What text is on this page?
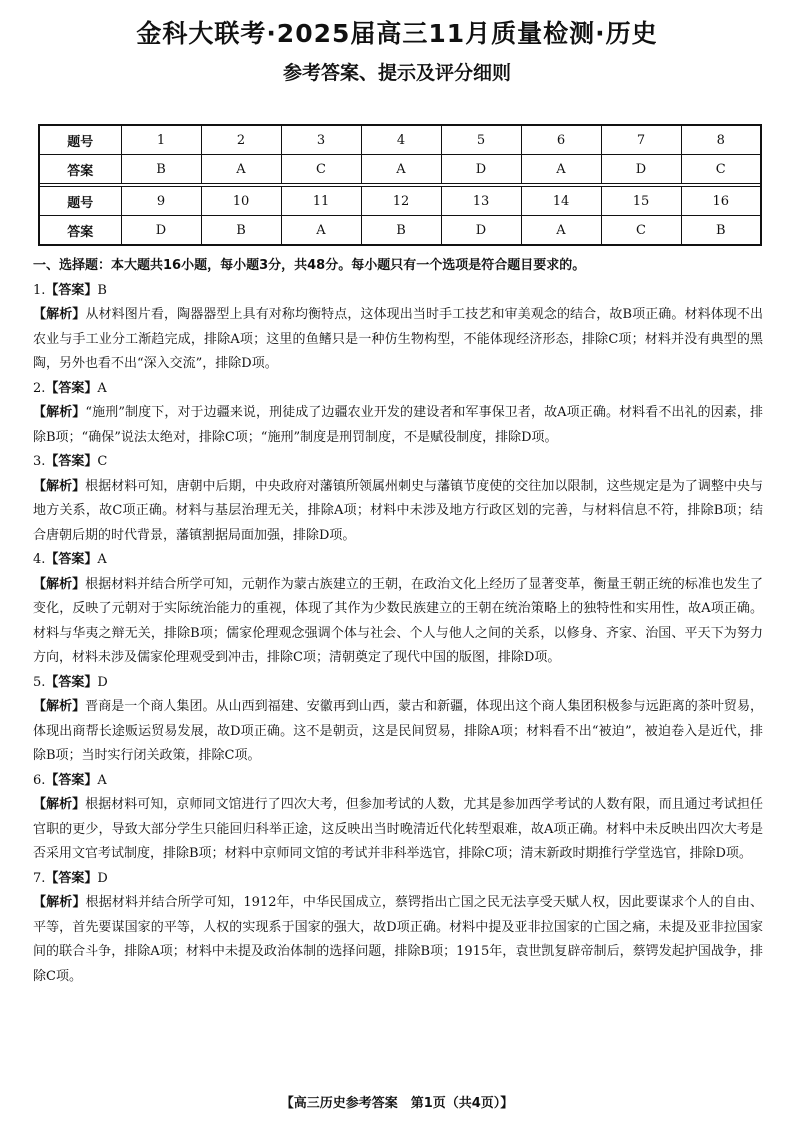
金科大联考·2025届高三11月质量检测·历史
参考答案、提示及评分细则
题号	1	2	3	4	5	6	7	8
答案	B	A	C	A	D	A	D	C

题号	9	10	11	12	13	14	15	16
答案	D	B	A	B	D	A	C	B
一、选择题：本大题共16小题，每小题3分，共48分。每小题只有一个选项是符合题目要求的。
1.【答案】B
【解析】从材料图片看，陶器器型上具有对称均衡特点，这体现出当时手工技艺和审美观念的结合，故B项正确。材料体现不出农业与手工业分工渐趋完成，排除A项；这里的鱼鳍只是一种仿生物构型，不能体现经济形态，排除C项；材料并没有典型的黑陶，另外也看不出“深入交流”，排除D项。
2.【答案】A
【解析】“施刑”制度下，对于边疆来说，刑徒成了边疆农业开发的建设者和军事保卫者，故A项正确。材料看不出礼的因素，排除B项；“确保”说法太绝对，排除C项；“施刑”制度是刑罚制度，不是赋役制度，排除D项。
3.【答案】C
【解析】根据材料可知，唐朝中后期，中央政府对藩镇所领属州刺史与藩镇节度使的交往加以限制，这些规定是为了调整中央与地方关系，故C项正确。材料与基层治理无关，排除A项；材料中未涉及地方行政区划的完善，与材料信息不符，排除B项；结合唐朝后期的时代背景，藩镇割据局面加强，排除D项。
4.【答案】A
【解析】根据材料并结合所学可知，元朝作为蒙古族建立的王朝，在政治文化上经历了显著变革，衡量王朝正统的标准也发生了变化，反映了元朝对于实际统治能力的重视，体现了其作为少数民族建立的王朝在统治策略上的独特性和实用性，故A项正确。材料与华夷之辩无关，排除B项；儒家伦理观念强调个体与社会、个人与他人之间的关系，以修身、齐家、治国、平天下为努力方向，材料未涉及儒家伦理观受到冲击，排除C项；清朝奠定了现代中国的版图，排除D项。
5.【答案】D
【解析】晋商是一个商人集团。从山西到福建、安徽再到山西，蒙古和新疆，体现出这个商人集团积极参与远距离的茶叶贸易，体现出商帮长途贩运贸易发展，故D项正确。这不是朝贡，这是民间贸易，排除A项；材料看不出“被迫”，被迫卷入是近代，排除B项；当时实行闭关政策，排除C项。
6.【答案】A
【解析】根据材料可知，京师同文馆进行了四次大考，但参加考试的人数，尤其是参加西学考试的人数有限，而且通过考试担任官职的更少，导致大部分学生只能回归科举正途，这反映出当时晚清近代化转型艰难，故A项正确。材料中未反映出四次大考是否采用文官考试制度，排除B项；材料中京师同文馆的考试并非科举选官，排除C项；清末新政时期推行学堂选官，排除D项。
7.【答案】D
【解析】根据材料并结合所学可知，1912年，中华民国成立，蔡锷指出亡国之民无法享受天赋人权，因此要谋求个人的自由、平等，首先要谋国家的平等，人权的实现系于国家的强大，故D项正确。材料中提及亚非拉国家的亡国之痛，未提及亚非拉国家间的联合斗争，排除A项；材料中未提及政治体制的选择问题，排除B项；1915年，袁世凯复辟帝制后，蔡锷发起护国战争，排除C项。
【高三历史参考答案　第1页（共4页）】
